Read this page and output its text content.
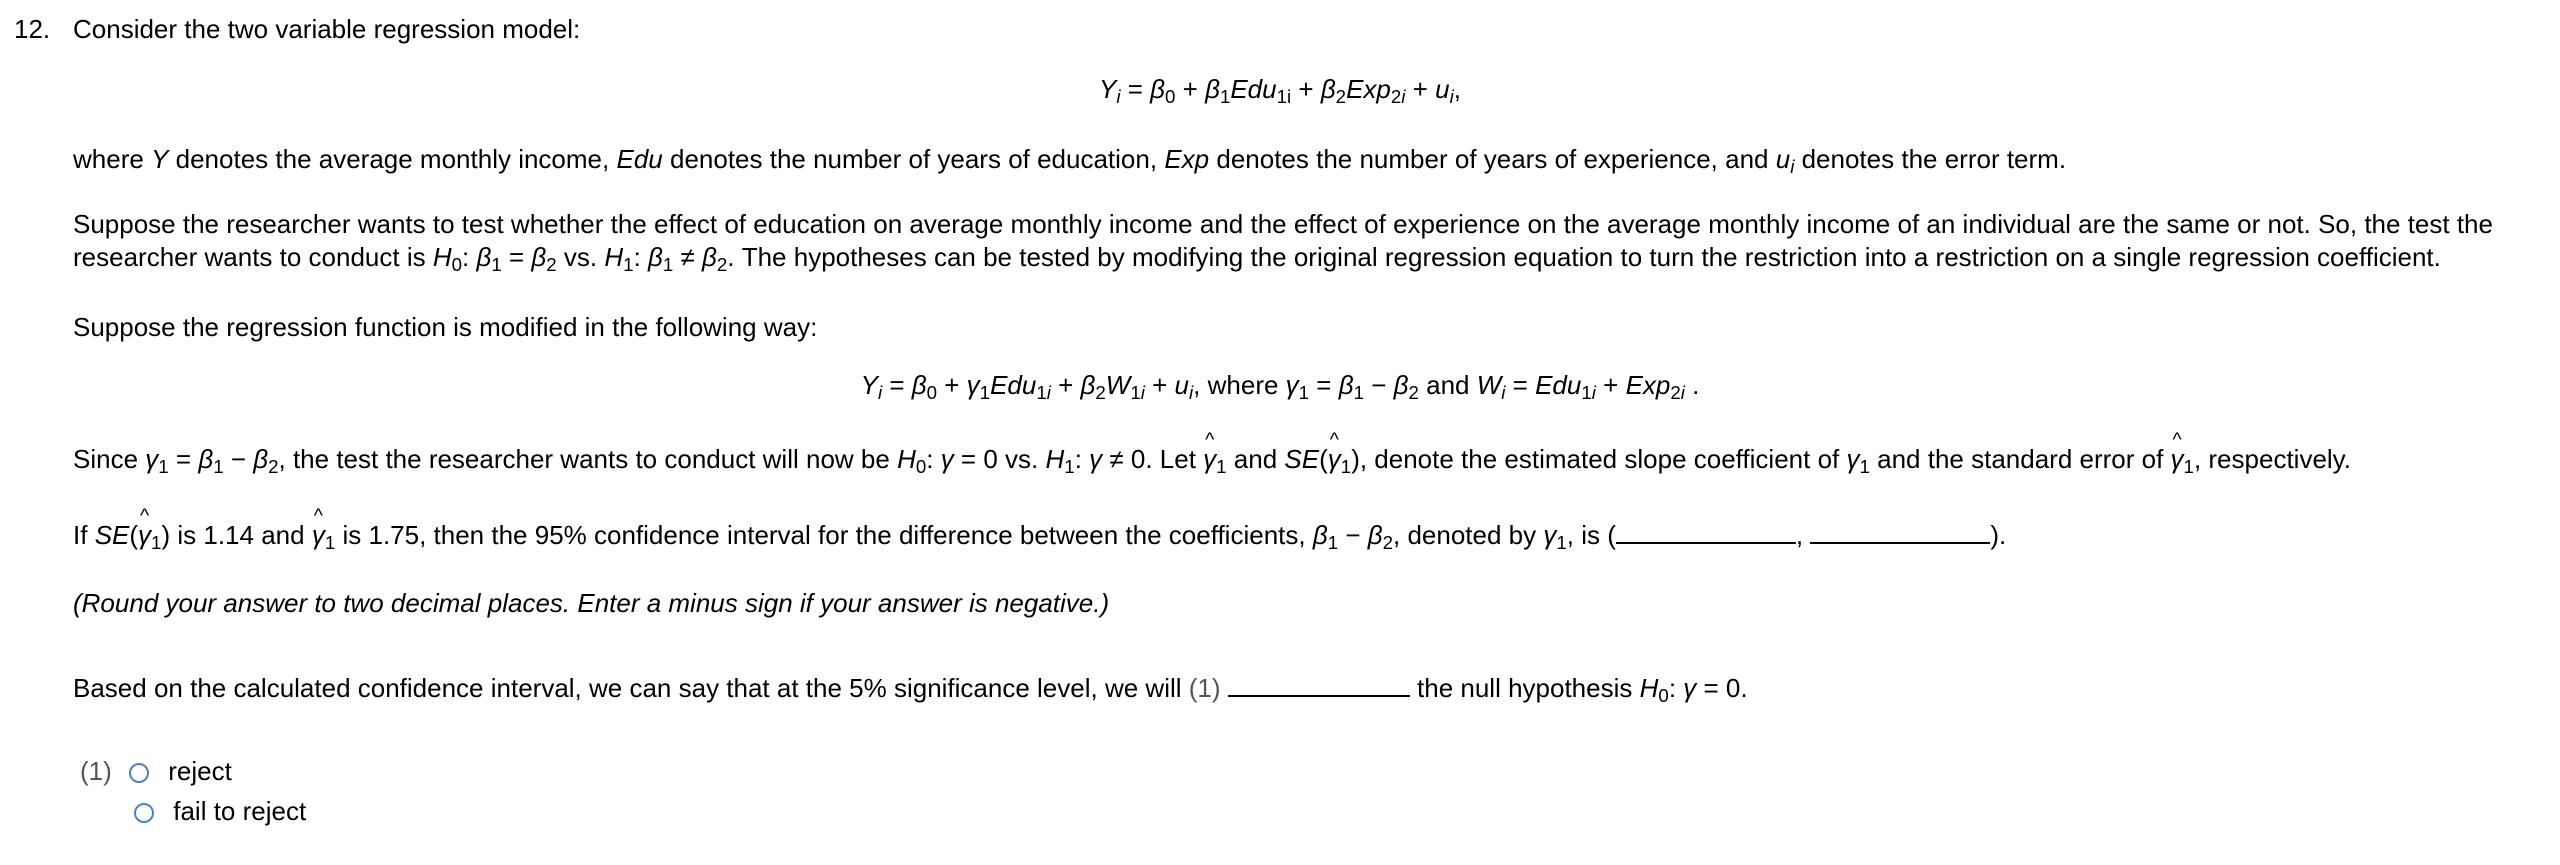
12. Consider the two variable regression model:
$Y_i = \beta_0 + \beta_1Edu_{1i} + \beta_2Exp_{2i} + u_i$,
where Y denotes the average monthly income, Edu denotes the number of years of education, Exp denotes the number of years of experience, and $u_i$ denotes the error term.
Suppose the researcher wants to test whether the effect of education on average monthly income and the effect of experience on the average monthly income of an individual are the same or not. So, the test the
researcher wants to conduct is $H_0$: $\beta_1 = \beta_2$ vs. $H_1$: $\beta_1 \ne \beta_2$. The hypotheses can be tested by modifying the original regression equation to turn the restriction into a restriction on a single regression coefficient.
Suppose the regression function is modified in the following way:
$Y_i = \beta_0 + \gamma_1Edu_{1i} + \beta_2W_{1i} + u_i$, where $\gamma_1 = \beta_1 - \beta_2$ and $W_i = Edu_{1i} + Exp_{2i}$ .
Since $\gamma_1 = \beta_1 - \beta_2$, the test the researcher wants to conduct will now be $H_0$: γ = 0 vs. $H_1$: γ ≠ 0. Let ^ $\gamma_1$ and SE(^ $\gamma_1$), denote the estimated slope coefficient of $\gamma_1$ and the standard error of ^ $\gamma_1$, respectively.
If SE(^ $\gamma_1$) is 1.14 and ^ $\gamma_1$ is 1.75, then the 95% confidence interval for the difference between the coefficients, $\beta_1 - \beta_2$, denoted by $\gamma_1$, is (	,	).
(Round your answer to two decimal places. Enter a minus sign if your answer is negative.)
Based on the calculated confidence interval, we can say that at the 5% significance level, we will (1)	the null hypothesis $H_0$: γ = 0.
(1) reject
fail to reject
